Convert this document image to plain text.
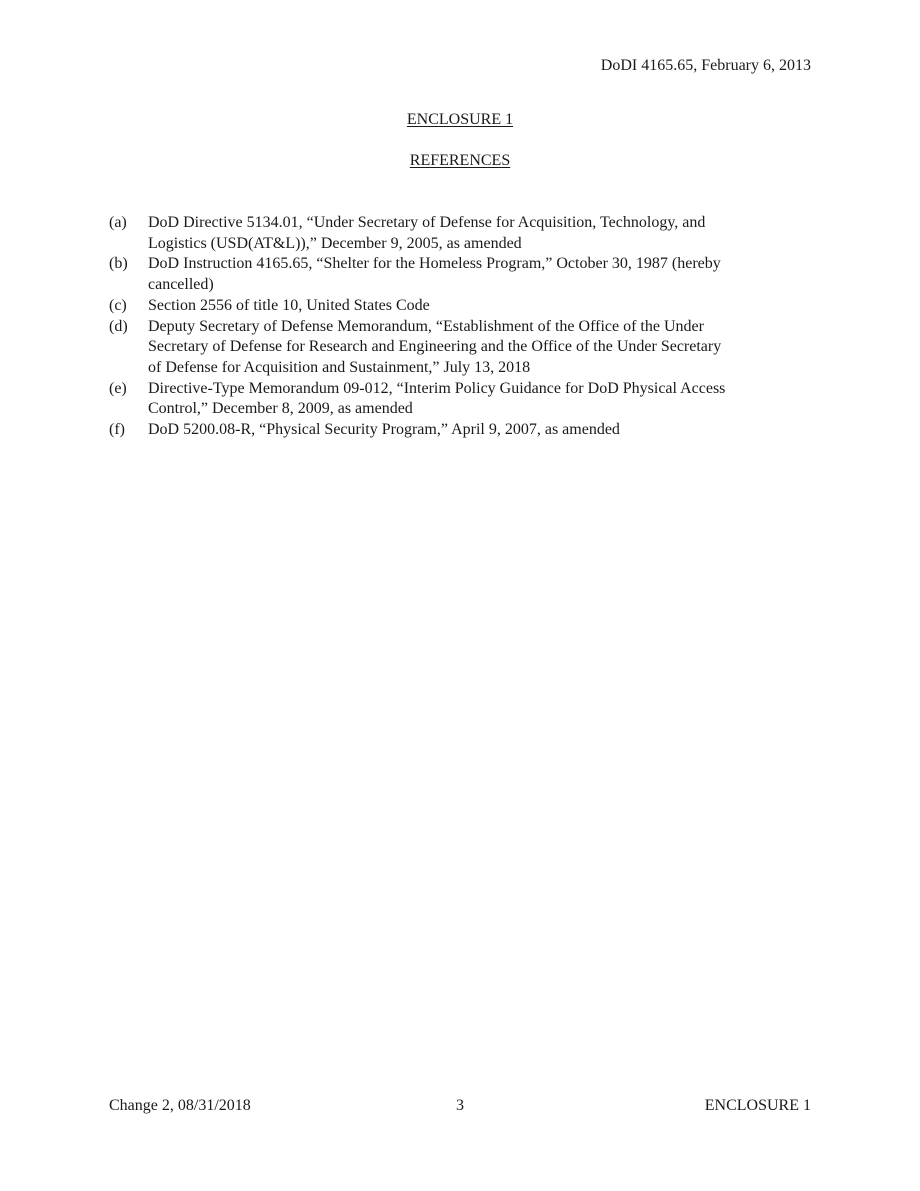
DoDI 4165.65, February 6, 2013
ENCLOSURE 1
REFERENCES
(a)	DoD Directive 5134.01, “Under Secretary of Defense for Acquisition, Technology, and
Logistics (USD(AT&L)),” December 9, 2005, as amended
(b)	DoD Instruction 4165.65, “Shelter for the Homeless Program,” October 30, 1987 (hereby
cancelled)
(c)	Section 2556 of title 10, United States Code
(d)	Deputy Secretary of Defense Memorandum, “Establishment of the Office of the Under
Secretary of Defense for Research and Engineering and the Office of the Under Secretary
of Defense for Acquisition and Sustainment,” July 13, 2018
(e)	Directive-Type Memorandum 09-012, “Interim Policy Guidance for DoD Physical Access
Control,” December 8, 2009, as amended
(f)	DoD 5200.08-R, “Physical Security Program,” April 9, 2007, as amended
Change 2, 08/31/2018	3	ENCLOSURE 1
